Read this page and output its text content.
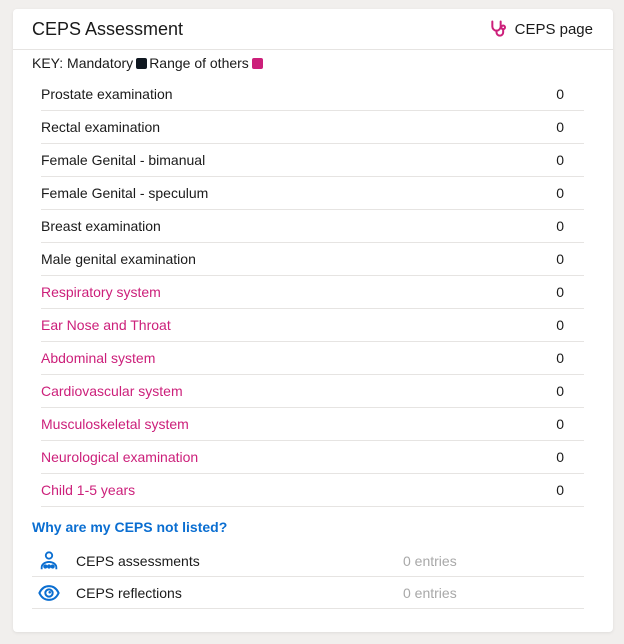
CEPS Assessment	CEPS page
KEY:
Mandatory Range of others
Prostate examination	0
Rectal examination	0
Female Genital - bimanual	0
Female Genital - speculum	0
Breast examination	0
Male genital examination	0
Respiratory system	0
Ear Nose and Throat	0
Abdominal system	0
Cardiovascular system	0
Musculoskeletal system	0
Neurological examination	0
Child 1-5 years	0
Why are my CEPS not listed?
CEPS assessments	0 entries
CEPS reflections	0 entries
